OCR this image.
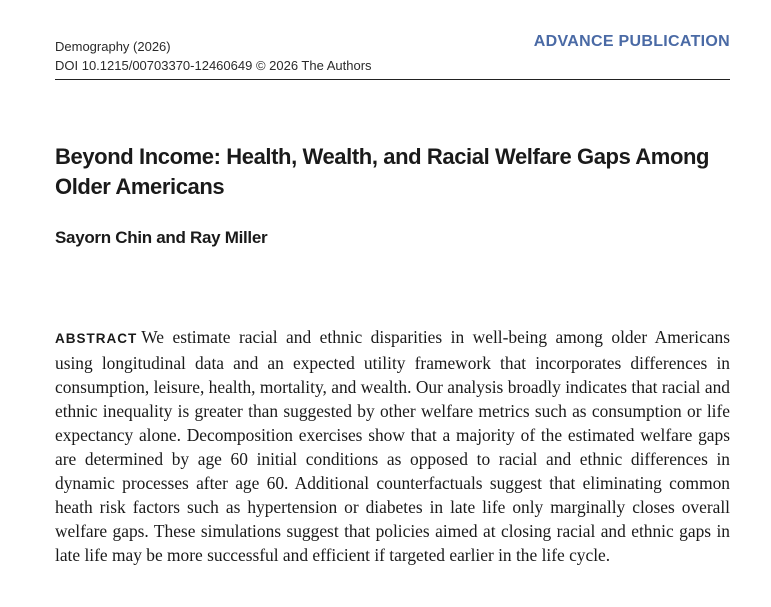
Demography (2026)
DOI 10.1215/00703370-12460649 © 2026 The Authors
ADVANCE PUBLICATION
Beyond Income: Health, Wealth, and Racial Welfare Gaps Among Older Americans
Sayorn Chin and Ray Miller

ABSTRACT We estimate racial and ethnic disparities in well-being among older Americans using longitudinal data and an expected utility framework that incorporates differences in consumption, leisure, health, mortality, and wealth. Our analysis broadly indicates that racial and ethnic inequality is greater than suggested by other welfare metrics such as consumption or life expectancy alone. Decomposition exercises show that a majority of the estimated welfare gaps are determined by age 60 initial conditions as opposed to racial and ethnic differences in dynamic processes after age 60. Additional counterfactuals suggest that eliminating common heath risk factors such as hypertension or diabetes in late life only marginally closes overall welfare gaps. These simulations suggest that policies aimed at closing racial and ethnic gaps in late life may be more successful and efficient if targeted earlier in the life cycle.
